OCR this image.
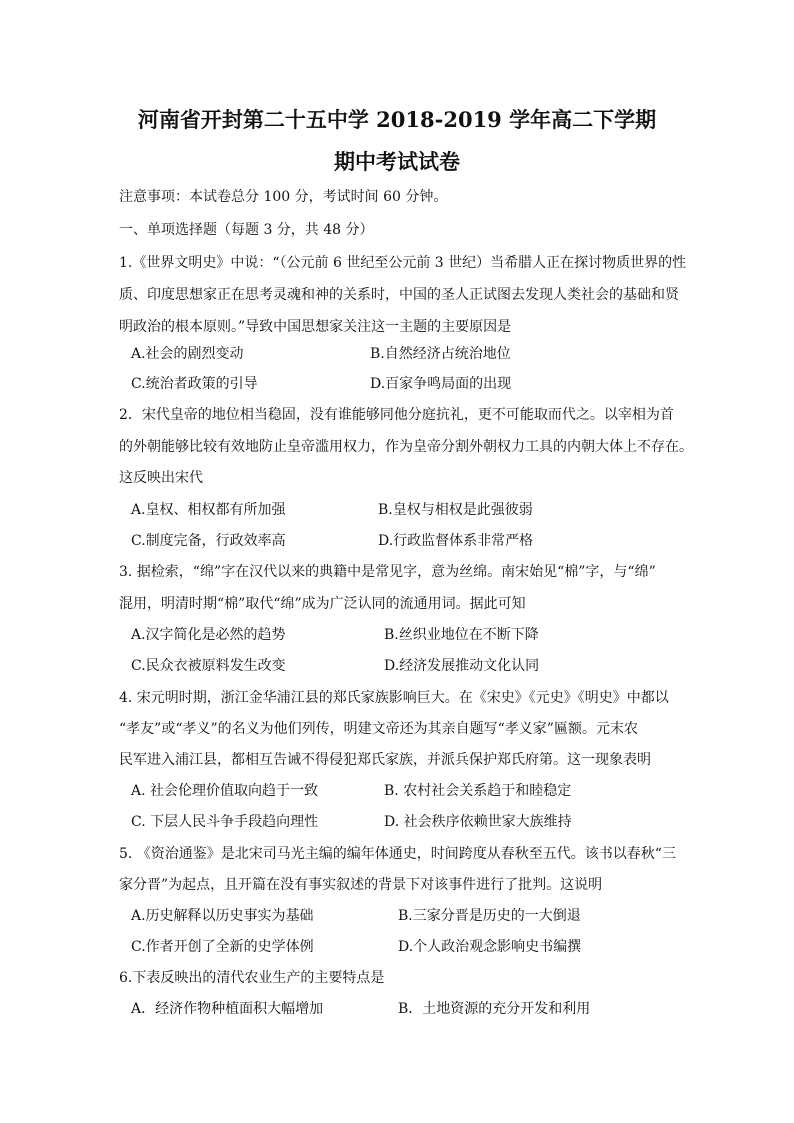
河南省开封第二十五中学 2018-2019 学年高二下学期
期中考试试卷
注意事项：本试卷总分 100 分，考试时间 60 分钟。
一、单项选择题（每题 3 分，共 48 分）
1.《世界文明史》中说：“（公元前 6 世纪至公元前 3 世纪）当希腊人正在探讨物质世界的性
质、印度思想家正在思考灵魂和神的关系时，中国的圣人正试图去发现人类社会的基础和贤
明政治的根本原则。”导致中国思想家关注这一主题的主要原因是
A.社会的剧烈变动	B.自然经济占统治地位
C.统治者政策的引导	D.百家争鸣局面的出现
2．宋代皇帝的地位相当稳固，没有谁能够同他分庭抗礼，更不可能取而代之。以宰相为首
的外朝能够比较有效地防止皇帝滥用权力，作为皇帝分割外朝权力工具的内朝大体上不存在。
这反映出宋代
A.皇权、相权都有所加强	B.皇权与相权是此强彼弱
C.制度完备，行政效率高	D.行政监督体系非常严格
3. 据检索，“绵”字在汉代以来的典籍中是常见字，意为丝绵。南宋始见“棉”字，与“绵”
混用，明清时期“棉”取代“绵”成为广泛认同的流通用词。据此可知
A.汉字简化是必然的趋势	B.丝织业地位在不断下降
C.民众衣被原料发生改变	D.经济发展推动文化认同
4. 宋元明时期，浙江金华浦江县的郑氏家族影响巨大。在《宋史》《元史》《明史》中都以
“孝友”或“孝义”的名义为他们列传，明建文帝还为其亲自题写“孝义家”匾额。元末农
民军进入浦江县，都相互告诫不得侵犯郑氏家族，并派兵保护郑氏府第。这一现象表明
A. 社会伦理价值取向趋于一致	B. 农村社会关系趋于和睦稳定
C. 下层人民斗争手段趋向理性	D. 社会秩序依赖世家大族维持
5. 《资治通鉴》是北宋司马光主编的编年体通史，时间跨度从春秋至五代。该书以春秋“三
家分晋”为起点，且开篇在没有事实叙述的背景下对该事件进行了批判。这说明
A.历史解释以历史事实为基础	B.三家分晋是历史的一大倒退
C.作者开创了全新的史学体例	D.个人政治观念影响史书编撰
6.下表反映出的清代农业生产的主要特点是
A．经济作物种植面积大幅增加	B．土地资源的充分开发和利用
